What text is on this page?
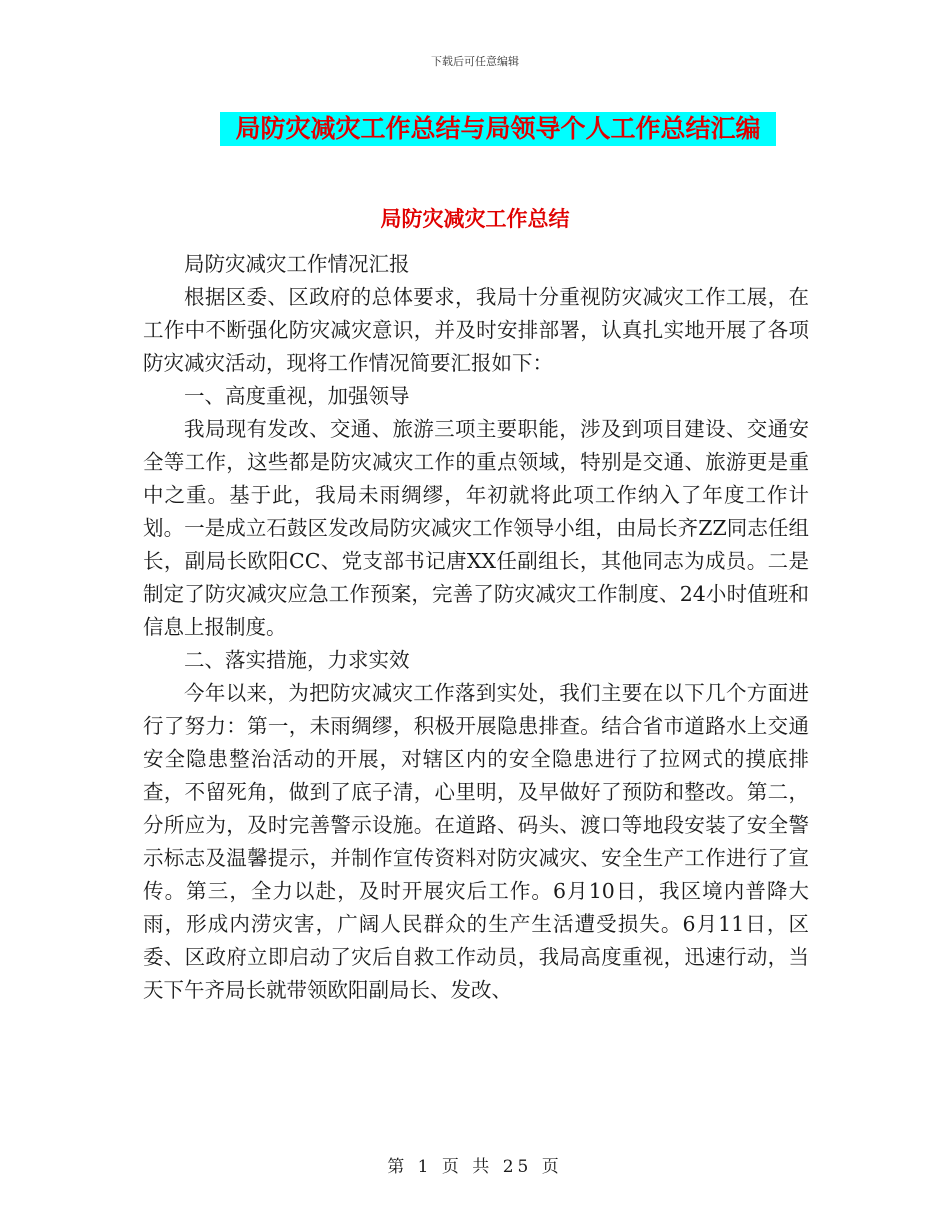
下载后可任意编辑
局防灾减灾工作总结与局领导个人工作总结汇编
局防灾减灾工作总结

局防灾减灾工作情况汇报

根据区委、区政府的总体要求，我局十分重视防灾减灾工作工展，在工作中不断强化防灾减灾意识，并及时安排部署，认真扎实地开展了各项防灾减灾活动，现将工作情况简要汇报如下：

一、高度重视，加强领导

我局现有发改、交通、旅游三项主要职能，涉及到项目建设、交通安全等工作，这些都是防灾减灾工作的重点领域，特别是交通、旅游更是重中之重。基于此，我局未雨绸缪，年初就将此项工作纳入了年度工作计划。一是成立石鼓区发改局防灾减灾工作领导小组，由局长齐ZZ同志任组长，副局长欧阳CC、党支部书记唐XX任副组长，其他同志为成员。二是制定了防灾减灾应急工作预案，完善了防灾减灾工作制度、24小时值班和信息上报制度。

二、落实措施，力求实效

今年以来，为把防灾减灾工作落到实处，我们主要在以下几个方面进行了努力：第一，未雨绸缪，积极开展隐患排查。结合省市道路水上交通安全隐患整治活动的开展，对辖区内的安全隐患进行了拉网式的摸底排查，不留死角，做到了底子清，心里明，及早做好了预防和整改。第二，分所应为，及时完善警示设施。在道路、码头、渡口等地段安装了安全警示标志及温馨提示，并制作宣传资料对防灾减灾、安全生产工作进行了宣传。第三，全力以赴，及时开展灾后工作。6月10日，我区境内普降大雨，形成内涝灾害，广阔人民群众的生产生活遭受损失。6月11日，区委、区政府立即启动了灾后自救工作动员，我局高度重视，迅速行动，当天下午齐局长就带领欧阳副局长、发改、

第 1 页 共 25 页
